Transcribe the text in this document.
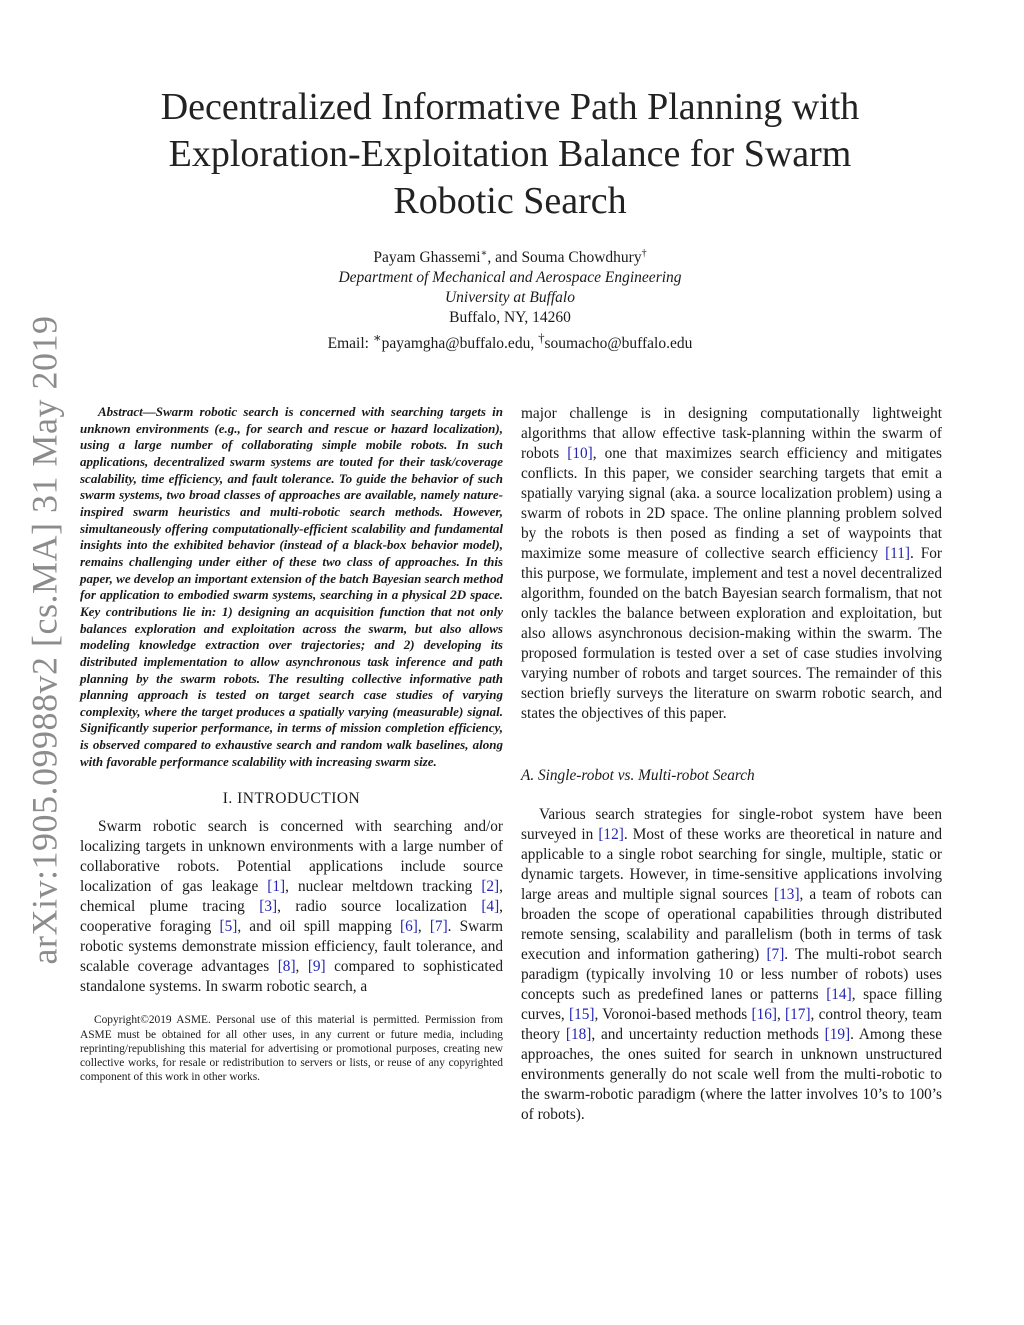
arXiv:1905.09988v2 [cs.MA] 31 May 2019
Decentralized Informative Path Planning with
Exploration-Exploitation Balance for Swarm
Robotic Search
Payam Ghassemi∗, and Souma Chowdhury†
Department of Mechanical and Aerospace Engineering
University at Buffalo
Buffalo, NY, 14260
Email: ∗payamgha@buffalo.edu, †soumacho@buffalo.edu

Abstract—Swarm robotic search is concerned with searching targets in unknown environments (e.g., for search and rescue or hazard localization), using a large number of collaborating simple mobile robots. In such applications, decentralized swarm systems are touted for their task/coverage scalability, time efficiency, and fault tolerance. To guide the behavior of such swarm systems, two broad classes of approaches are available, namely nature-inspired swarm heuristics and multi-robotic search methods. However, simultaneously offering computationally-efficient scalability and fundamental insights into the exhibited behavior (instead of a black-box behavior model), remains challenging under either of these two class of approaches. In this paper, we develop an important extension of the batch Bayesian search method for application to embodied swarm systems, searching in a physical 2D space. Key contributions lie in: 1) designing an acquisition function that not only balances exploration and exploitation across the swarm, but also allows modeling knowledge extraction over trajectories; and 2) developing its distributed implementation to allow asynchronous task inference and path planning by the swarm robots. The resulting collective informative path planning approach is tested on target search case studies of varying complexity, where the target produces a spatially varying (measurable) signal. Significantly superior performance, in terms of mission completion efficiency, is observed compared to exhaustive search and random walk baselines, along with favorable performance scalability with increasing swarm size.

I. INTRODUCTION

Swarm robotic search is concerned with searching and/or localizing targets in unknown environments with a large number of collaborative robots. Potential applications include source localization of gas leakage [1], nuclear meltdown tracking [2], chemical plume tracing [3], radio source localization [4], cooperative foraging [5], and oil spill mapping [6], [7]. Swarm robotic systems demonstrate mission efficiency, fault tolerance, and scalable coverage advantages [8], [9] compared to sophisticated standalone systems. In swarm robotic search, a

Copyright©2019 ASME. Personal use of this material is permitted. Permission from ASME must be obtained for all other uses, in any current or future media, including reprinting/republishing this material for advertising or promotional purposes, creating new collective works, for resale or redistribution to servers or lists, or reuse of any copyrighted component of this work in other works.

major challenge is in designing computationally lightweight algorithms that allow effective task-planning within the swarm of robots [10], one that maximizes search efficiency and mitigates conflicts. In this paper, we consider searching targets that emit a spatially varying signal (aka. a source localization problem) using a swarm of robots in 2D space. The online planning problem solved by the robots is then posed as finding a set of waypoints that maximize some measure of collective search efficiency [11]. For this purpose, we formulate, implement and test a novel decentralized algorithm, founded on the batch Bayesian search formalism, that not only tackles the balance between exploration and exploitation, but also allows asynchronous decision-making within the swarm. The proposed formulation is tested over a set of case studies involving varying number of robots and target sources. The remainder of this section briefly surveys the literature on swarm robotic search, and states the objectives of this paper.

A. Single-robot vs. Multi-robot Search

Various search strategies for single-robot system have been surveyed in [12]. Most of these works are theoretical in nature and applicable to a single robot searching for single, multiple, static or dynamic targets. However, in time-sensitive applications involving large areas and multiple signal sources [13], a team of robots can broaden the scope of operational capabilities through distributed remote sensing, scalability and parallelism (both in terms of task execution and information gathering) [7]. The multi-robot search paradigm (typically involving 10 or less number of robots) uses concepts such as predefined lanes or patterns [14], space filling curves, [15], Voronoi-based methods [16], [17], control theory, team theory [18], and uncertainty reduction methods [19]. Among these approaches, the ones suited for search in unknown unstructured environments generally do not scale well from the multi-robotic to the swarm-robotic paradigm (where the latter involves 10’s to 100’s of robots).
